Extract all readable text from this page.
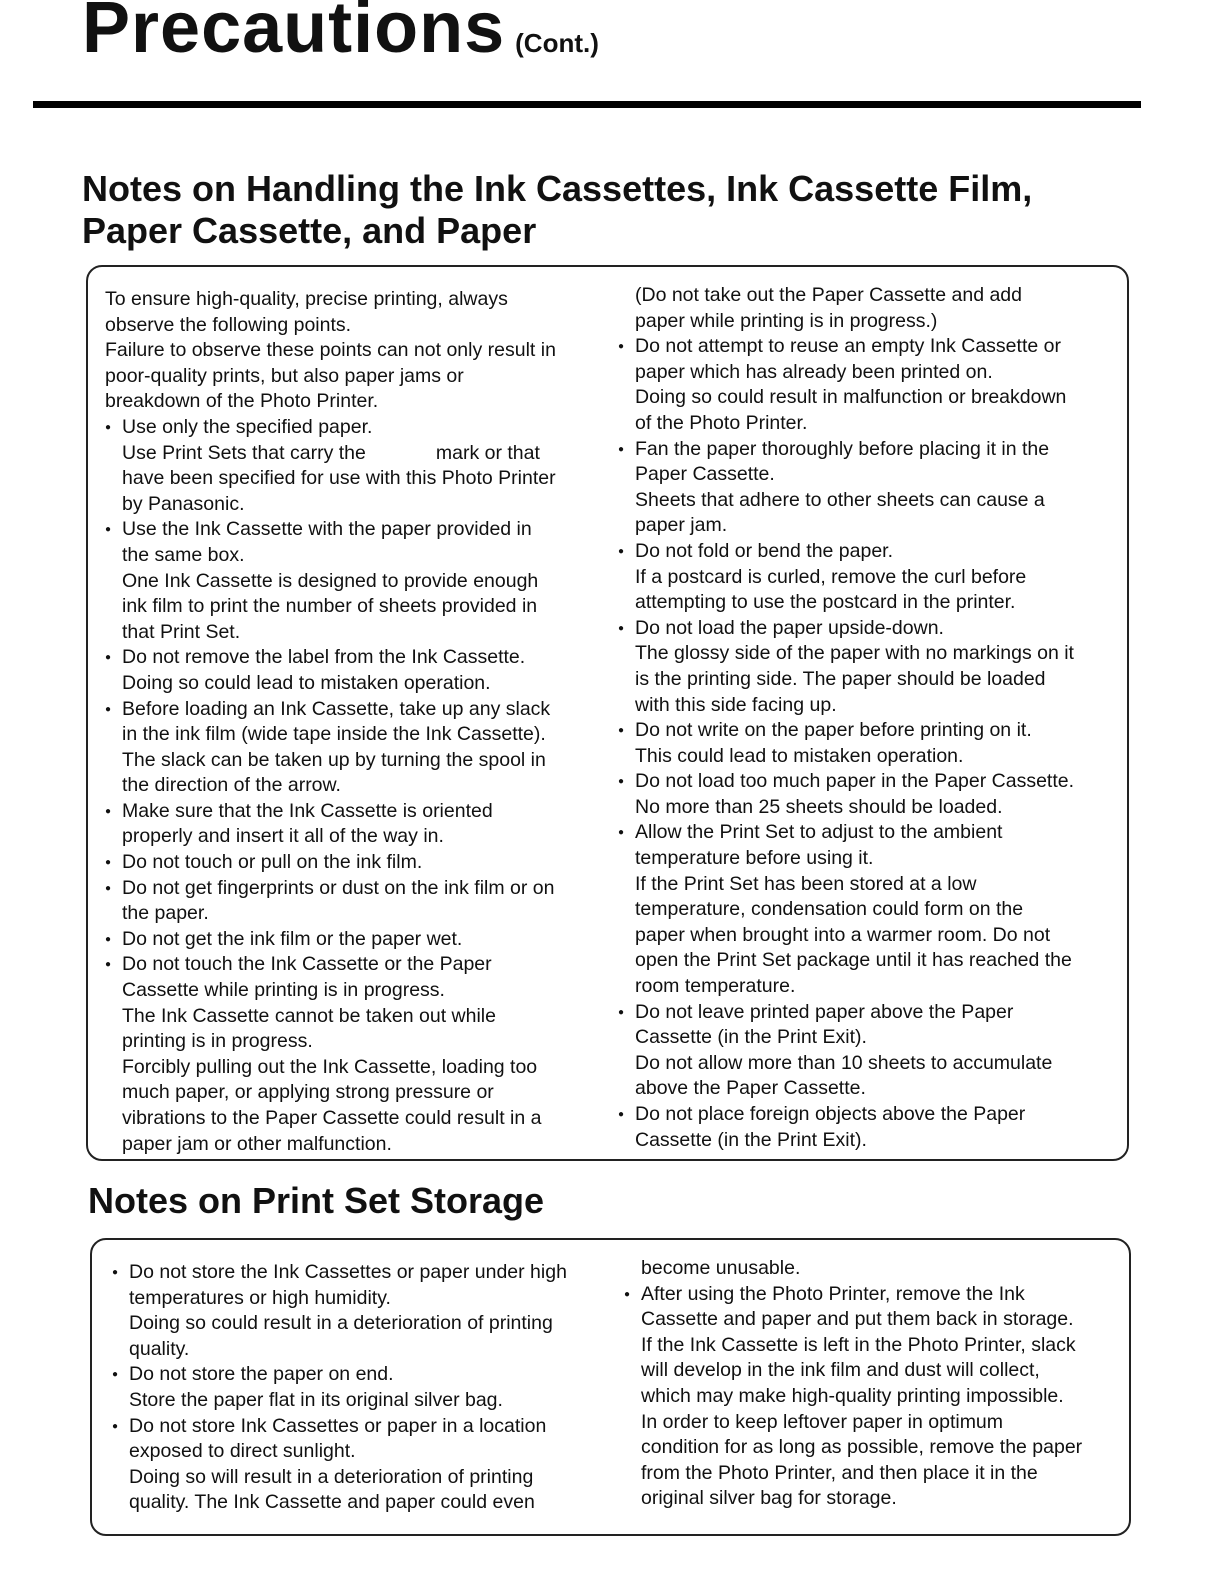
Precautions (Cont.)
Notes on Handling the Ink Cassettes, Ink Cassette Film,
Paper Cassette, and Paper
To ensure high-quality, precise printing, always
observe the following points.
Failure to observe these points can not only result in
poor-quality prints, but also paper jams or
breakdown of the Photo Printer.
● Use only the specified paper.
Use Print Sets that carry the	mark or that
have been specified for use with this Photo Printer
by Panasonic.
● Use the Ink Cassette with the paper provided in
the same box.
One Ink Cassette is designed to provide enough
ink film to print the number of sheets provided in
that Print Set.
● Do not remove the label from the Ink Cassette.
Doing so could lead to mistaken operation.
● Before loading an Ink Cassette, take up any slack
in the ink film (wide tape inside the Ink Cassette).
The slack can be taken up by turning the spool in
the direction of the arrow.
● Make sure that the Ink Cassette is oriented
properly and insert it all of the way in.
● Do not touch or pull on the ink film.
● Do not get fingerprints or dust on the ink film or on
the paper.
● Do not get the ink film or the paper wet.
● Do not touch the Ink Cassette or the Paper
Cassette while printing is in progress.
The Ink Cassette cannot be taken out while
printing is in progress.
Forcibly pulling out the Ink Cassette, loading too
much paper, or applying strong pressure or
vibrations to the Paper Cassette could result in a
paper jam or other malfunction.
(Do not take out the Paper Cassette and add
paper while printing is in progress.)
● Do not attempt to reuse an empty Ink Cassette or
paper which has already been printed on.
Doing so could result in malfunction or breakdown
of the Photo Printer.
● Fan the paper thoroughly before placing it in the
Paper Cassette.
Sheets that adhere to other sheets can cause a
paper jam.
● Do not fold or bend the paper.
If a postcard is curled, remove the curl before
attempting to use the postcard in the printer.
● Do not load the paper upside-down.
The glossy side of the paper with no markings on it
is the printing side. The paper should be loaded
with this side facing up.
● Do not write on the paper before printing on it.
This could lead to mistaken operation.
● Do not load too much paper in the Paper Cassette.
No more than 25 sheets should be loaded.
● Allow the Print Set to adjust to the ambient
temperature before using it.
If the Print Set has been stored at a low
temperature, condensation could form on the
paper when brought into a warmer room. Do not
open the Print Set package until it has reached the
room temperature.
● Do not leave printed paper above the Paper
Cassette (in the Print Exit).
Do not allow more than 10 sheets to accumulate
above the Paper Cassette.
● Do not place foreign objects above the Paper
Cassette (in the Print Exit).
Notes on Print Set Storage
● Do not store the Ink Cassettes or paper under high
temperatures or high humidity.
Doing so could result in a deterioration of printing
quality.
● Do not store the paper on end.
Store the paper flat in its original silver bag.
● Do not store Ink Cassettes or paper in a location
exposed to direct sunlight.
Doing so will result in a deterioration of printing
quality. The Ink Cassette and paper could even
become unusable.
● After using the Photo Printer, remove the Ink
Cassette and paper and put them back in storage.
If the Ink Cassette is left in the Photo Printer, slack
will develop in the ink film and dust will collect,
which may make high-quality printing impossible.
In order to keep leftover paper in optimum
condition for as long as possible, remove the paper
from the Photo Printer, and then place it in the
original silver bag for storage.
